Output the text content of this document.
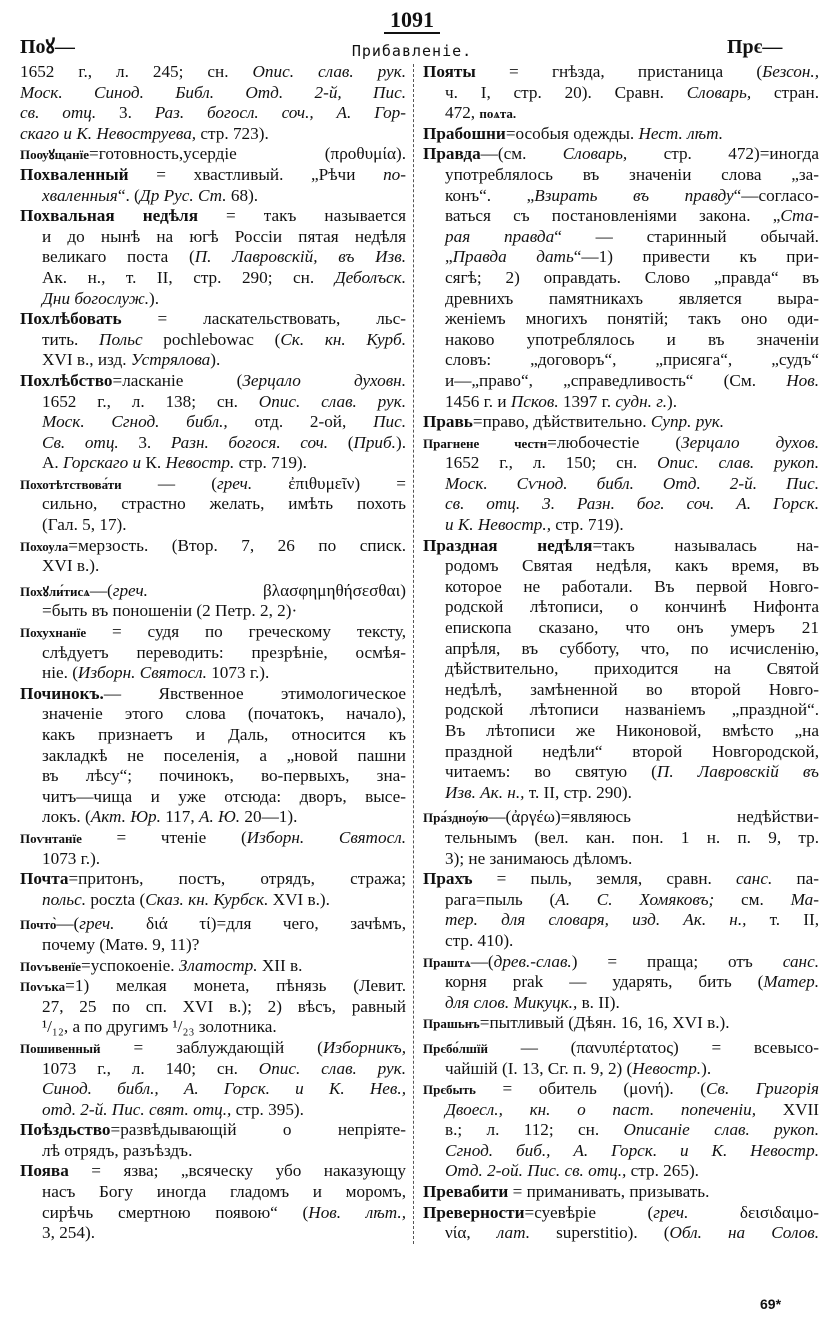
1091
Поꙋ—	Прибавленіе.	Прє—
1652 г., л. 245; сн. Опис. слав. рук.
Моск. Синод. Библ. Отд. 2-й, Пис.
св. отц. 3. Раз. богосл. соч., А. Гор-
скаго и К. Невоструева, стр. 723).
Поѹꙋщанїе=готовность,усердіе (προθυμία).
Похваленный = хвастливый. „Рѣчи по-
хваленныя“. (Др Рус. Ст. 68).
Похвальная недѣля = такъ называется
и до нынѣ на югѣ Россіи пятая недѣля
великаго поста (П. Лавровскій, въ Изв.
Ак. н., т. II, стр. 290; сн. Деболъск.
Дни богослуж.).
Похлѣбовать = ласкательствовать, льс-
тить. Польс pochlebowac (Ск. кн. Курб.
XVI в., изд. Устрялова).
Похлѣбство=ласканіе (Зерцало духовн.
1652 г., л. 138; сн. Опис. слав. рук.
Моск. Сгнод. библ., отд. 2-ой, Пис.
Св. отц. 3. Разн. богося. соч. (Приб.).
А. Горскаго и К. Невостр. стр. 719).
Похотѣтствова́ти — (греч. ἐπιθυμεῖν) =
сильно, страстно желать, имѣть похоть
(Гал. 5, 17).
Похоула=мерзость. (Втор. 7, 26 по списк.
XVI в.).
Похꙋли́тисѧ—(греч. βλασφημηθήσεσθαι)
=быть въ поношеніи (2 Петр. 2, 2)·
Похухнанїе = судя по греческому тексту,
слѣдуетъ переводить: презрѣніе, осмѣя-
ніе. (Изборн. Святосл. 1073 г.).
Починокъ.— Явственное этимологическое
значеніе этого слова (початокъ, начало),
какъ признаетъ и Даль, относится къ
закладкѣ не поселенія, а „новой пашни
въ лѣсу“; починокъ, во-первыхъ, зна-
читъ—чища и уже отсюда: дворъ, высе-
локъ. (Акт. Юр. 117, А. Ю. 20—1).
Поѵнтанїе = чтеніе (Изборн. Святосл.
1073 г.).
Почта=притонъ, постъ, отрядъ, стража;
польс. poczta (Сказ. кн. Курбск. XVI в.).
Почто̀—(греч. διά τί)=для чего, зачѣмъ,
почему (Матѳ. 9, 11)?
Поѵьвенїе=успокоеніе. Златостр. XII в.
Поѵька=1) мелкая монета, пѣнязь (Левит.
27, 25 по сп. XVI в.); 2) вѣсъ, равный
¹/₁₂, а по другимъ ¹/₂₃ золотника.
Пошивенный = заблуждающій (Изборникъ,
1073 г., л. 140; сн. Опис. слав. рук.
Синод. библ., А. Горск. и К. Нев.,
отд. 2-й. Пис. свят. отц., стр. 395).
Поѣздьство=развѣдывающій о непріяте-
лѣ отрядъ, разъѣздъ.
Поява = язва; „всяческу убо наказующу
насъ Богу иногда гладомъ и моромъ,
сирѣчь смертною появою“ (Нов. лѣт.,
3, 254).
Пояты = гнѣзда, пристаница (Безсон.,
ч. I, стр. 20). Сравн. Словарь, стран.
472, поѧта.
Прабошни=особыя одежды. Нест. лѣт.
Правда—(см. Словарь, стр. 472)=иногда
употреблялось въ значеніи слова „за-
конъ“. „Взирать въ правду“—согласо-
ваться съ постановленіями закона. „Ста-
рая правда“ — старинный обычай.
„Правда дать“—1) привести къ при-
сягѣ; 2) оправдать. Слово „правда“ въ
древнихъ памятникахъ является выра-
женіемъ многихъ понятій; такъ оно оди-
наково употреблялось и въ значеніи
словъ: „договоръ“, „присяга“, „судъ“
и—„право“, „справедливость“ (См. Нов.
1456 г. и Псков. 1397 г. судн. г.).
Правь=право, дѣйствительно. Супр. рук.
Прагнене честн=любочестіе (Зерцало духов.
1652 г., л. 150; сн. Опис. слав. рукоп.
Моск. Сѵнод. библ. Отд. 2-й. Пис.
св. отц. 3. Разн. бог. соч. А. Горск.
и К. Невостр., стр. 719).
Праздная недѣля=такъ называлась на-
родомъ Святая недѣля, какъ время, въ
которое не работали. Въ первой Новго-
родской лѣтописи, о кончинѣ Нифонта
епископа сказано, что онъ умеръ 21
апрѣля, въ субботу, что, по исчисленію,
дѣйствительно, приходится на Святой
недѣлѣ, замѣненной во второй Новго-
родской лѣтописи названіемъ „праздной“.
Въ лѣтописи же Никоновой, вмѣсто „на
праздной недѣли“ второй Новгородской,
читаемъ: во святую (П. Лавровскій въ
Изв. Ак. н., т. II, стр. 290).
Пра́здноу́ю—(ἀργέω)=являюсь недѣйстви-
тельнымъ (вел. кан. пон. 1 н. п. 9, тр.
3); не занимаюсь дѣломъ.
Прахъ = пыль, земля, сравн. санс. па-
рага=пыль (А. С. Хомяковъ; см. Ма-
тер. для словаря, изд. Ак. н., т. II,
стр. 410).
Праштѧ—(древ.-слав.) = праща; отъ санс.
корня prak — ударять, бить (Матер.
для слов. Микуцк., в. II).
Прашьнъ=пытливый (Дѣян. 16, 16, XVI в.).
Прєбо́лшїй — (πανυπέρτατος) = всевысо-
чайшій (I. 13, Сг. п. 9, 2) (Невостр.).
Прєбыть = обитель (μονή). (Св. Григорія
Двоесл., кн. о паст. попеченіи, XVII
в.; л. 112; сн. Описаніе слав. рукоп.
Сгнод. биб., А. Горск. и К. Невостр.
Отд. 2-ой. Пис. св. отц., стр. 265).
Превабити = приманивать, призывать.
Преверности=суевѣріе (греч. δεισιδαιμο-
νία, лат. superstitio). (Обл. на Солов.
69*
